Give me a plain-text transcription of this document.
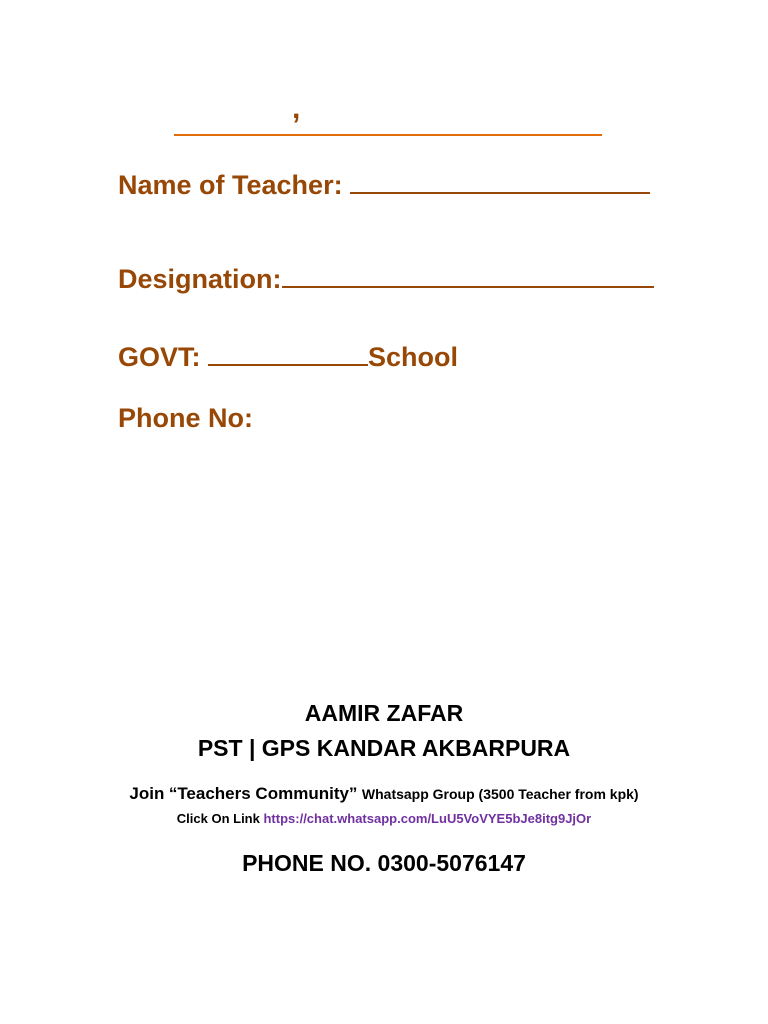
,
Name of Teacher:
Designation:
GOVT:	School
Phone No:
AAMIR ZAFAR
PST | GPS KANDAR AKBARPURA
Join “Teachers Community” Whatsapp Group (3500 Teacher from kpk)
Click On Link https://chat.whatsapp.com/LuU5VoVYE5bJe8itg9JjOr
PHONE NO. 0300-5076147
